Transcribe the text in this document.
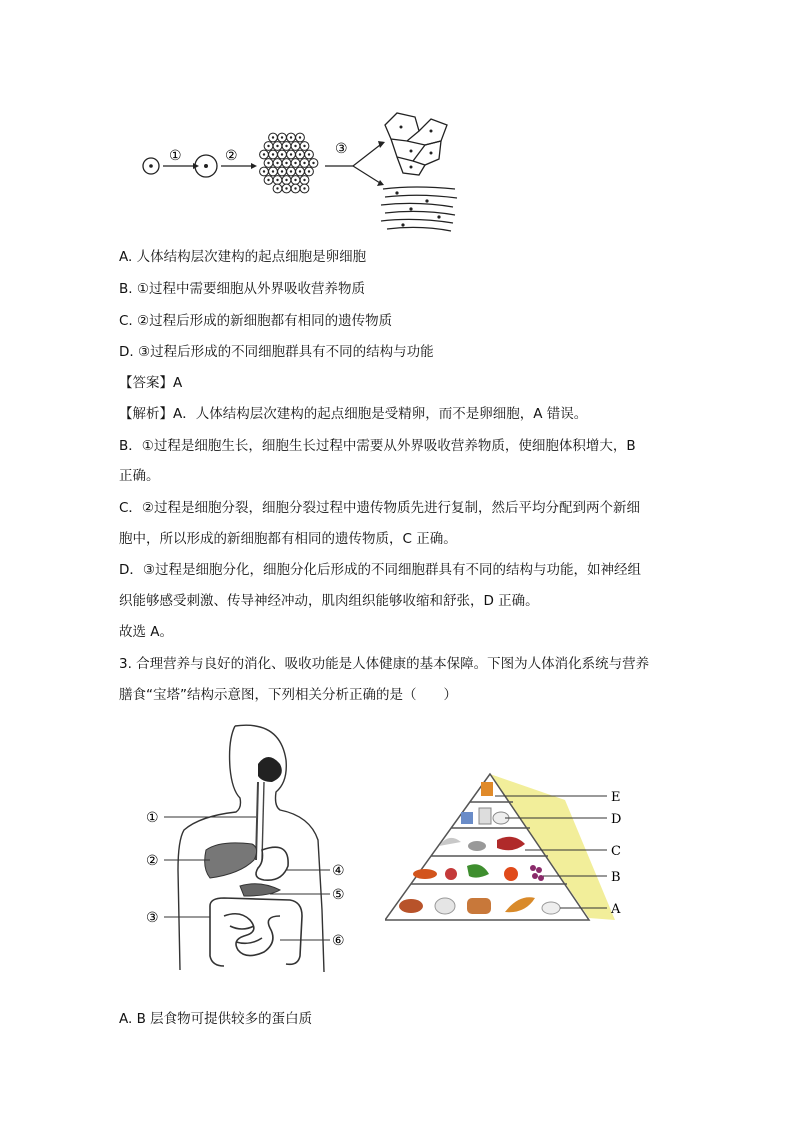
①	②	③
A. 人体结构层次建构的起点细胞是卵细胞
B. ①过程中需要细胞从外界吸收营养物质
C. ②过程后形成的新细胞都有相同的遗传物质
D. ③过程后形成的不同细胞群具有不同的结构与功能
【答案】A
【解析】A．人体结构层次建构的起点细胞是受精卵，而不是卵细胞，A 错误。
B．①过程是细胞生长，细胞生长过程中需要从外界吸收营养物质，使细胞体积增大，B
正确。
C．②过程是细胞分裂，细胞分裂过程中遗传物质先进行复制，然后平均分配到两个新细
胞中，所以形成的新细胞都有相同的遗传物质，C 正确。
D．③过程是细胞分化，细胞分化后形成的不同细胞群具有不同的结构与功能，如神经组
织能够感受刺激、传导神经冲动，肌肉组织能够收缩和舒张，D 正确。
故选 A。
3. 合理营养与良好的消化、吸收功能是人体健康的基本保障。下图为人体消化系统与营养
膳食“宝塔”结构示意图，下列相关分析正确的是（　　）
①
②
③
④
⑤
⑥
E
D
C
B
A
A. B 层食物可提供较多的蛋白质
